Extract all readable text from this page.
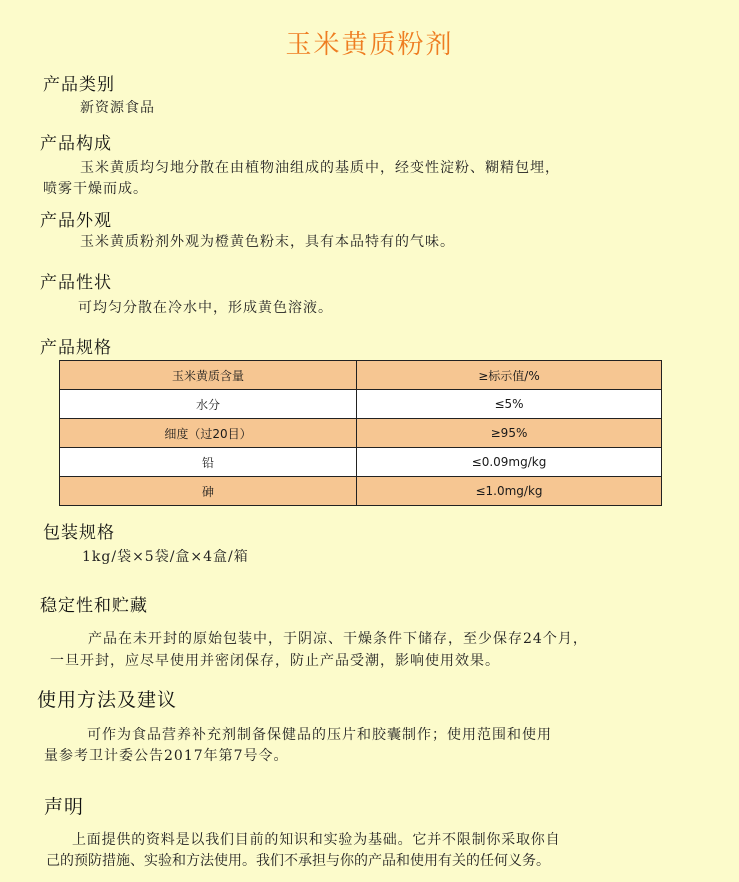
玉米黄质粉剂
产品类别
新资源食品
产品构成
玉米黄质均匀地分散在由植物油组成的基质中，经变性淀粉、糊精包埋，
喷雾干燥而成。
产品外观
玉米黄质粉剂外观为橙黄色粉末，具有本品特有的气味。
产品性状
可均匀分散在冷水中，形成黄色溶液。
产品规格
玉米黄质含量	≥标示值/%
水分	≤5%
细度（过20目）	≥95%
铅	≤0.09mg/kg
砷	≤1.0mg/kg
包装规格
1kg/袋×5袋/盒×4盒/箱
稳定性和贮藏
产品在未开封的原始包装中，于阴凉、干燥条件下储存，至少保存24个月，
一旦开封，应尽早使用并密闭保存，防止产品受潮，影响使用效果。
使用方法及建议
可作为食品营养补充剂制备保健品的压片和胶囊制作；使用范围和使用
量参考卫计委公告2017年第7号令。
声明
上面提供的资料是以我们目前的知识和实验为基础。它并不限制你采取你自
己的预防措施、实验和方法使用。我们不承担与你的产品和使用有关的任何义务。
